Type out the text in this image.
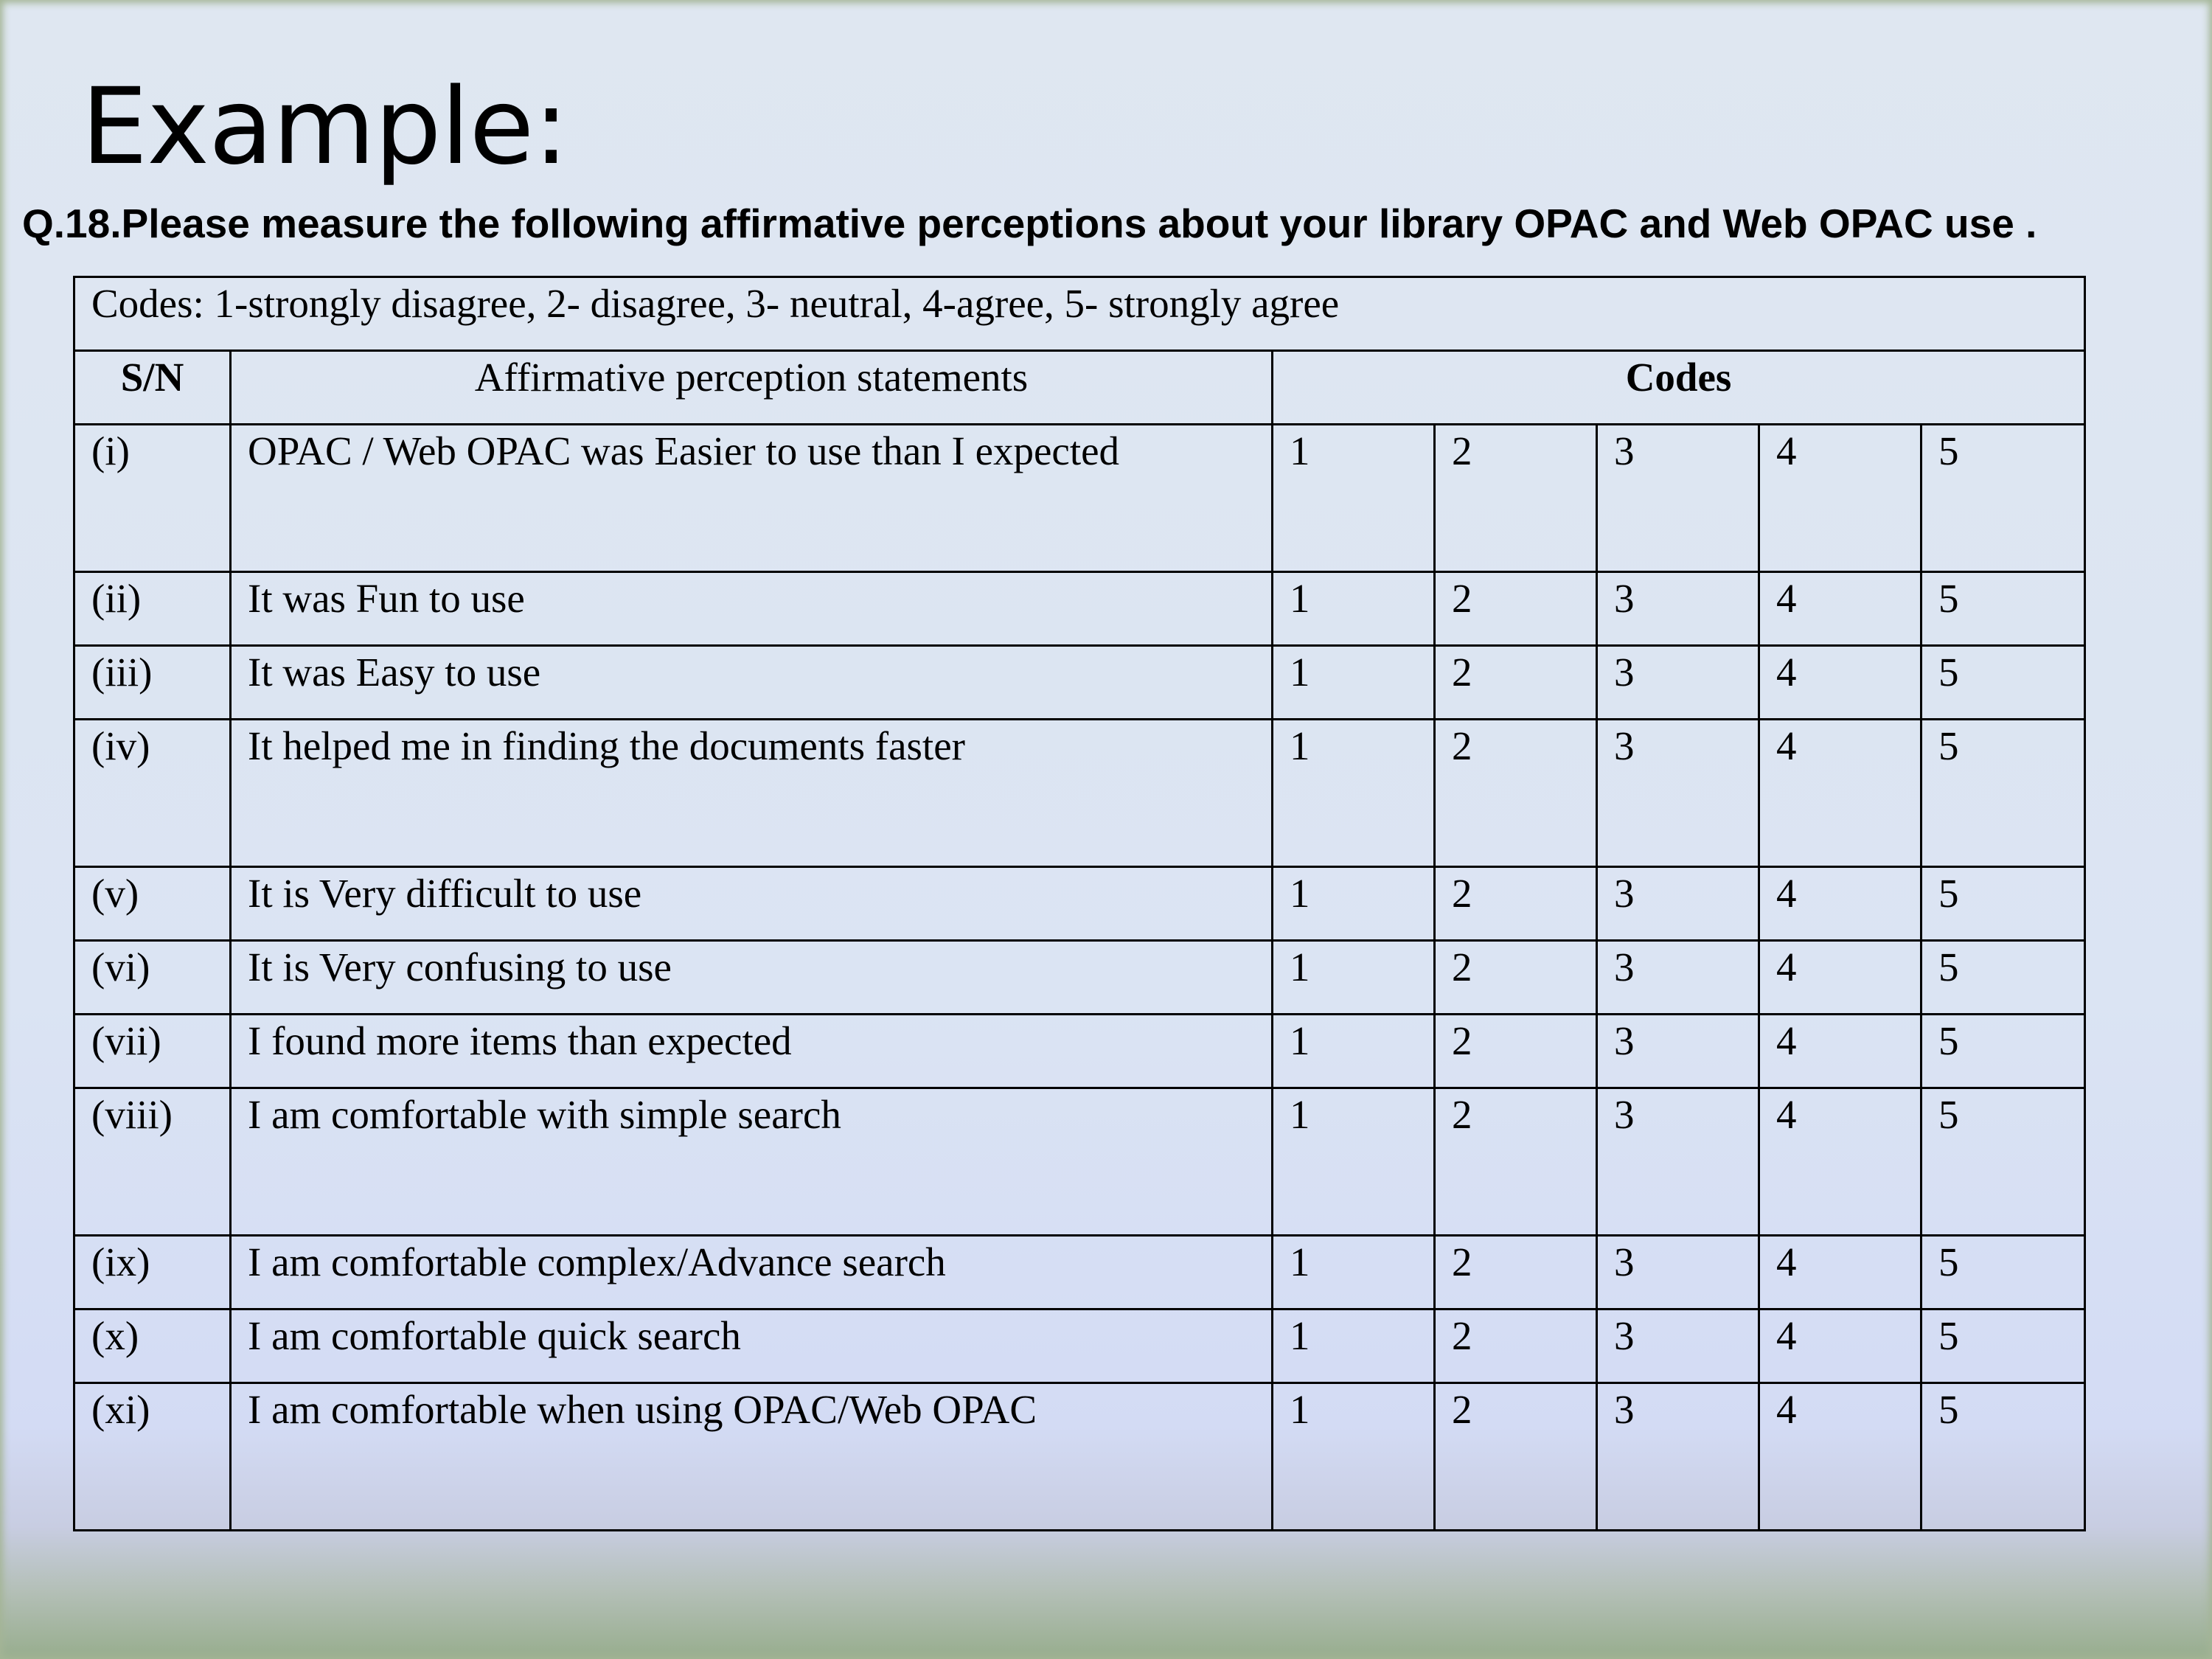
Example:

Q.18.Please measure the following affirmative perceptions about your library OPAC and Web OPAC use .

Codes: 1-strongly disagree, 2- disagree, 3- neutral, 4-agree, 5- strongly agree						
S/N	Affirmative perception statements	Codes				
(i)	OPAC / Web OPAC was Easier to use than I expected	1	2	3	4	5
(ii)	It was Fun to use	1	2	3	4	5
(iii)	It was Easy to use	1	2	3	4	5
(iv)	It helped me in finding the documents faster	1	2	3	4	5
(v)	It is Very difficult to use	1	2	3	4	5
(vi)	It is Very confusing to use	1	2	3	4	5
(vii)	I found more items than expected	1	2	3	4	5
(viii)	I am comfortable with simple search	1	2	3	4	5
(ix)	I am comfortable complex/Advance search	1	2	3	4	5
(x)	I am comfortable quick search	1	2	3	4	5
(xi)	I am comfortable when using OPAC/Web OPAC	1	2	3	4	5
